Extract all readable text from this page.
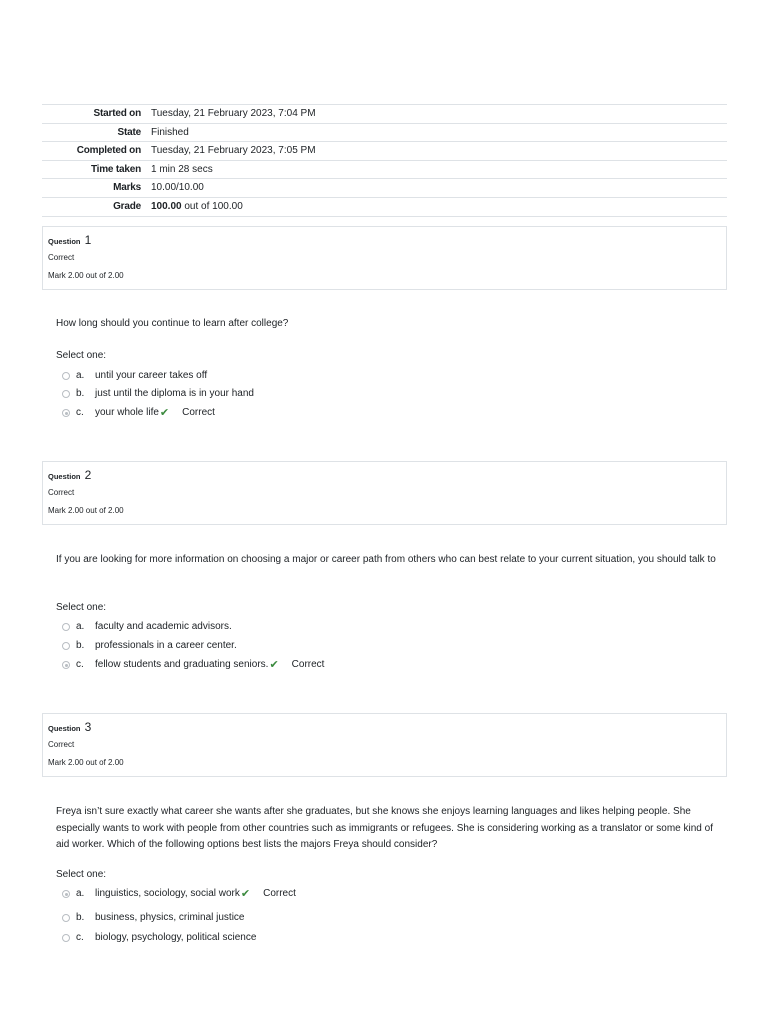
Started on	Tuesday, 21 February 2023, 7:04 PM
State	Finished
Completed on	Tuesday, 21 February 2023, 7:05 PM
Time taken	1 min 28 secs
Marks	10.00/10.00
Grade	100.00 out of 100.00
Question 1
Correct
Mark 2.00 out of 2.00
How long should you continue to learn after college?
Select one:
a.	until your career takes off
b.	just until the diploma is in your hand
c.	your whole life ✔ Correct
Question 2
Correct
Mark 2.00 out of 2.00
If you are looking for more information on choosing a major or career path from others who can best relate to your current situation, you should talk to
Select one:
a.	faculty and academic advisors.
b.	professionals in a career center.
c.	fellow students and graduating seniors. ✔ Correct
Question 3
Correct
Mark 2.00 out of 2.00
Freya isn’t sure exactly what career she wants after she graduates, but she knows she enjoys learning languages and likes helping people. She especially wants to work with people from other countries such as immigrants or refugees. She is considering working as a translator or some kind of aid worker. Which of the following options best lists the majors Freya should consider?
Select one:
a.	linguistics, sociology, social work ✔ Correct
b.	business, physics, criminal justice
c.	biology, psychology, political science
